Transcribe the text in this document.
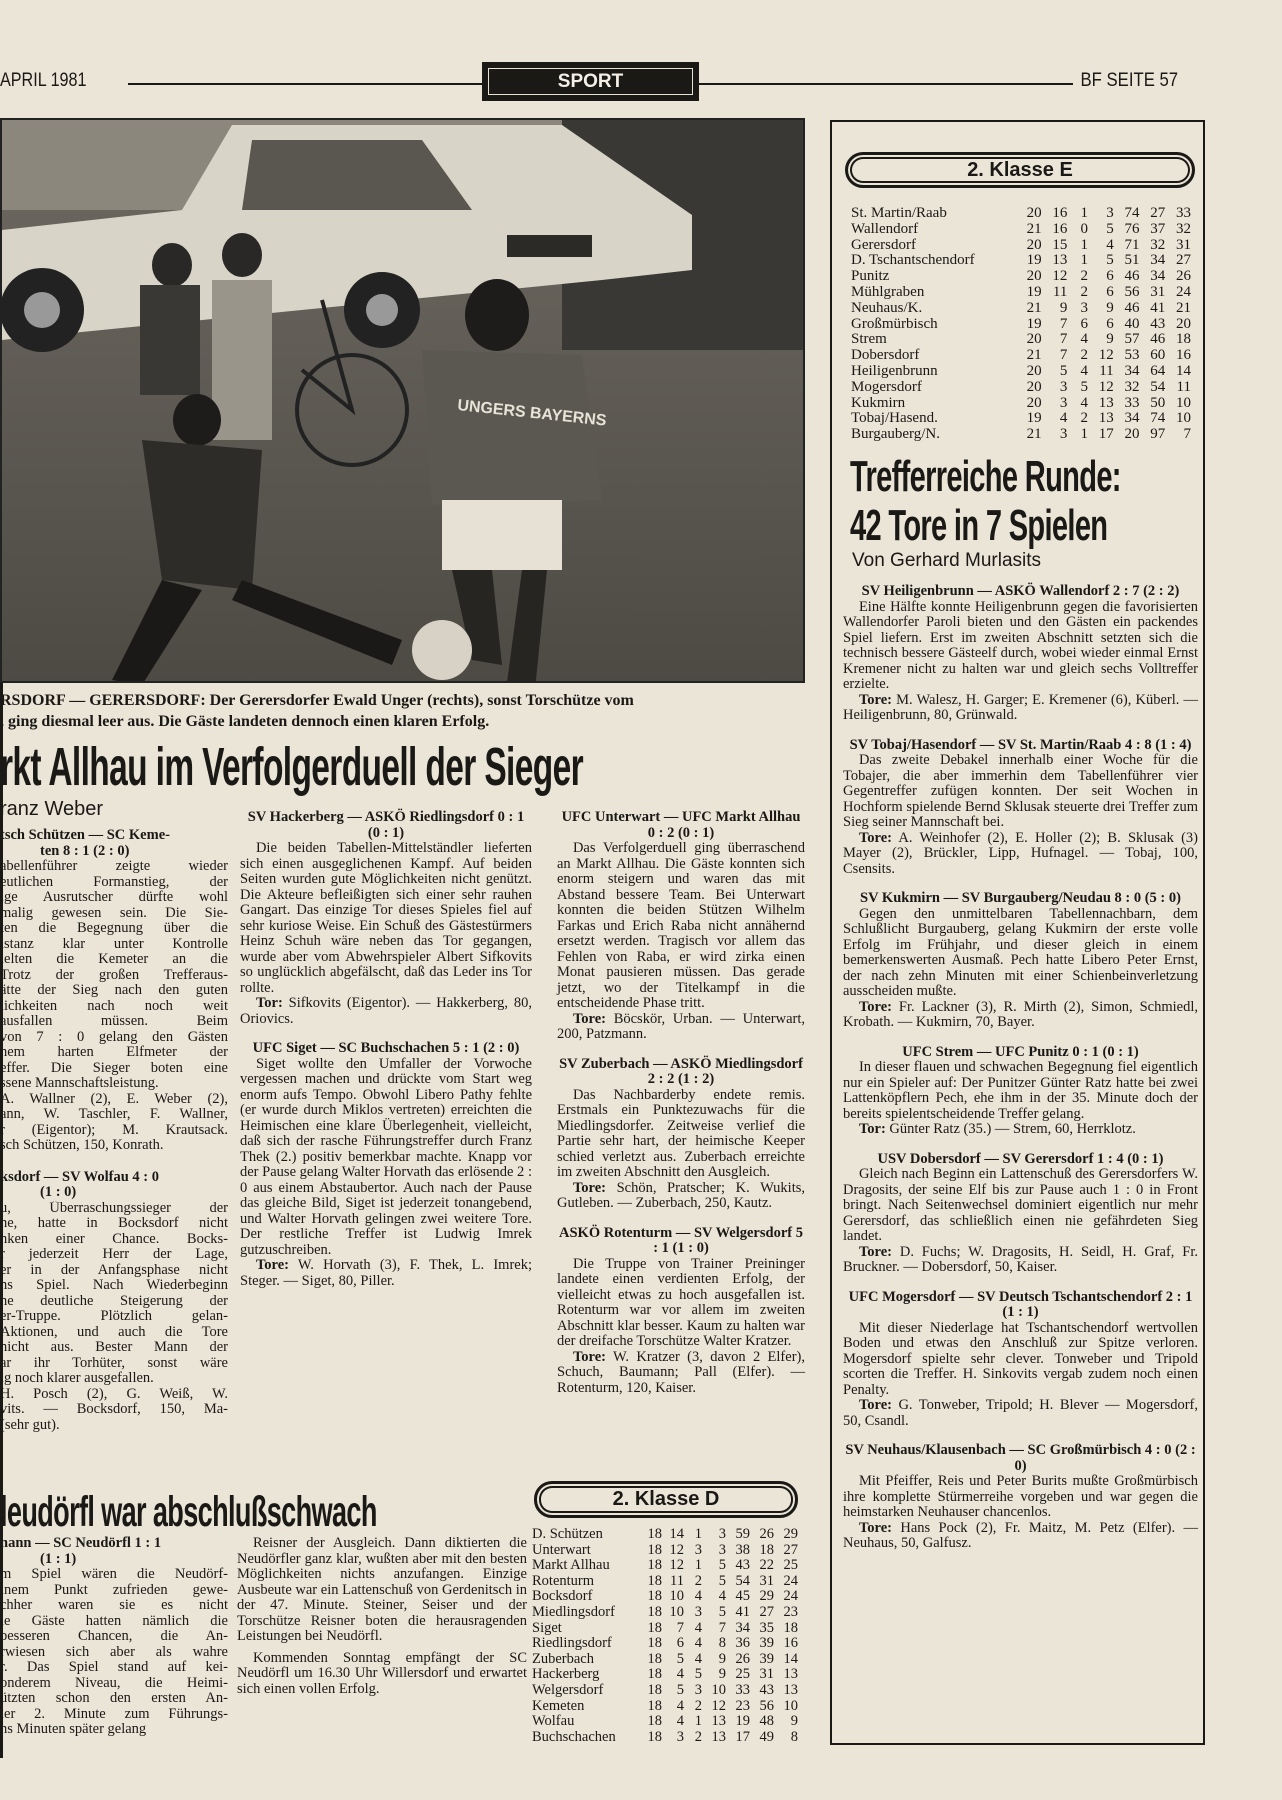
APRIL 1981	SPORT	BF SEITE 57
UNGERS BAYERNS
RSDORF — GERERSDORF: Der Gerersdorfer Ewald Unger (rechts), sonst Torschütze vom
, ging diesmal leer aus. Die Gäste landeten dennoch einen klaren Erfolg.
rkt Allhau im Verfolgerduell der Sieger
ranz Weber
tsch Schützen — SC Keme-
ten 8 : 1 (2 : 0)
abellenführer zeigte wieder
eutlichen Formanstieg, der
ige Ausrutscher dürfte wohl
malig gewesen sein. Die Sie-
ten die Begegnung über die
istanz klar unter Kontrolle
ielten die Kemeter an die
Trotz der großen Trefferaus-
ätte der Sieg nach den guten
lichkeiten nach noch weit
ausfallen müssen. Beim
von 7 : 0 gelang den Gästen
nem harten Elfmeter der
effer. Die Sieger boten eine
ssene Mannschaftsleistung.
A. Wallner (2), E. Weber (2),
ann, W. Taschler, F. Wallner,
r (Eigentor); M. Krautsack.
sch Schützen, 150, Konrath.
ksdorf — SV Wolfau 4 : 0
(1 : 0)
u, Überraschungssieger der
he, hatte in Bocksdorf nicht
nken einer Chance. Bocks-
r jederzeit Herr der Lage,
er in der Anfangsphase nicht
ns Spiel. Nach Wiederbeginn
ne deutliche Steigerung der
er-Truppe. Plötzlich gelan-
Aktionen, und auch die Tore
nicht aus. Bester Mann der
ar ihr Torhüter, sonst wäre
lg noch klarer ausgefallen.
H. Posch (2), G. Weiß, W.
vits. — Bocksdorf, 150, Ma-
(sehr gut).
SV Hackerberg — ASKÖ Riedlingsdorf 0 : 1 (0 : 1)

Die beiden Tabellen-Mittelständler lieferten sich einen ausgeglichenen Kampf. Auf beiden Seiten wurden gute Möglichkeiten nicht genützt. Die Akteure befleißigten sich einer sehr rauhen Gangart. Das einzige Tor dieses Spieles fiel auf sehr kuriose Weise. Ein Schuß des Gästestürmers Heinz Schuh wäre neben das Tor gegangen, wurde aber vom Abwehrspieler Albert Sifkovits so unglücklich abgefälscht, daß das Leder ins Tor rollte.

Tor: Sifkovits (Eigentor). — Hakkerberg, 80, Oriovics.

UFC Siget — SC Buchschachen 5 : 1 (2 : 0)

Siget wollte den Umfaller der Vorwoche vergessen machen und drückte vom Start weg enorm aufs Tempo. Obwohl Libero Pathy fehlte (er wurde durch Miklos vertreten) erreichten die Heimischen eine klare Überlegenheit, vielleicht, daß sich der rasche Führungstreffer durch Franz Thek (2.) positiv bemerkbar machte. Knapp vor der Pause gelang Walter Horvath das erlösende 2 : 0 aus einem Abstaubertor. Auch nach der Pause das gleiche Bild, Siget ist jederzeit tonangebend, und Walter Horvath gelingen zwei weitere Tore. Der restliche Treffer ist Ludwig Imrek gutzuschreiben.

Tore: W. Horvath (3), F. Thek, L. Imrek; Steger. — Siget, 80, Piller.

UFC Unterwart — UFC Markt Allhau 0 : 2 (0 : 1)

Das Verfolgerduell ging überraschend an Markt Allhau. Die Gäste konnten sich enorm steigern und waren das mit Abstand bessere Team. Bei Unterwart konnten die beiden Stützen Wilhelm Farkas und Erich Raba nicht annähernd ersetzt werden. Tragisch vor allem das Fehlen von Raba, er wird zirka einen Monat pausieren müssen. Das gerade jetzt, wo der Titelkampf in die entscheidende Phase tritt.

Tore: Böcskör, Urban. — Unterwart, 200, Patzmann.

SV Zuberbach — ASKÖ Miedlingsdorf 2 : 2 (1 : 2)

Das Nachbarderby endete remis. Erstmals ein Punktezuwachs für die Miedlingsdorfer. Zeitweise verlief die Partie sehr hart, der heimische Keeper schied verletzt aus. Zuberbach erreichte im zweiten Abschnitt den Ausgleich.

Tore: Schön, Pratscher; K. Wukits, Gutleben. — Zuberbach, 250, Kautz.

ASKÖ Rotenturm — SV Welgersdorf 5 : 1 (1 : 0)

Die Truppe von Trainer Preininger landete einen verdienten Erfolg, der vielleicht etwas zu hoch ausgefallen ist. Rotenturm war vor allem im zweiten Abschnitt klar besser. Kaum zu halten war der dreifache Torschütze Walter Kratzer.

Tore: W. Kratzer (3, davon 2 Elfer), Schuch, Baumann; Pall (Elfer). — Rotenturm, 120, Kaiser.

2. Klasse D
D. Schützen	18	14	1	3	59	26	29
Unterwart	18	12	3	3	38	18	27
Markt Allhau	18	12	1	5	43	22	25
Rotenturm	18	11	2	5	54	31	24
Bocksdorf	18	10	4	4	45	29	24
Miedlingsdorf	18	10	3	5	41	27	23
Siget	18	7	4	7	34	35	18
Riedlingsdorf	18	6	4	8	36	39	16
Zuberbach	18	5	4	9	26	39	14
Hackerberg	18	4	5	9	25	31	13
Welgersdorf	18	5	3	10	33	43	13
Kemeten	18	4	2	12	23	56	10
Wolfau	18	4	1	13	19	48	9
Buchschachen	18	3	2	13	17	49	8
leudörfl war abschlußschwach
nann — SC Neudörfl 1 : 1
(1 : 1)
m Spiel wären die Neudörf-
inem Punkt zufrieden gewe-
chher waren sie es nicht
ie Gäste hatten nämlich die
besseren Chancen, die An-
rwiesen sich aber als wahre
r. Das Spiel stand auf kei-
onderem Niveau, die Heimi-
ützten schon den ersten An-
ler 2. Minute zum Führungs-
hs Minuten später gelang

Reisner der Ausgleich. Dann diktierten die Neudörfler ganz klar, wußten aber mit den besten Möglichkeiten nichts anzufangen. Einzige Ausbeute war ein Lattenschuß von Gerdenitsch in der 47. Minute. Steiner, Seiser und der Torschütze Reisner boten die herausragenden Leistungen bei Neudörfl.

Kommenden Sonntag empfängt der SC Neudörfl um 16.30 Uhr Willersdorf und erwartet sich einen vollen Erfolg.

2. Klasse E
St. Martin/Raab	20	16	1	3	74	27	33
Wallendorf	21	16	0	5	76	37	32
Gerersdorf	20	15	1	4	71	32	31
D. Tschantschendorf	19	13	1	5	51	34	27
Punitz	20	12	2	6	46	34	26
Mühlgraben	19	11	2	6	56	31	24
Neuhaus/K.	21	9	3	9	46	41	21
Großmürbisch	19	7	6	6	40	43	20
Strem	20	7	4	9	57	46	18
Dobersdorf	21	7	2	12	53	60	16
Heiligenbrunn	20	5	4	11	34	64	14
Mogersdorf	20	3	5	12	32	54	11
Kukmirn	20	3	4	13	33	50	10
Tobaj/Hasend.	19	4	2	13	34	74	10
Burgauberg/N.	21	3	1	17	20	97	7
Trefferreiche Runde:
42 Tore in 7 Spielen
Von Gerhard Murlasits
SV Heiligenbrunn — ASKÖ Wallendorf 2 : 7 (2 : 2)

Eine Hälfte konnte Heiligenbrunn gegen die favorisierten Wallendorfer Paroli bieten und den Gästen ein packendes Spiel liefern. Erst im zweiten Abschnitt setzten sich die technisch bessere Gästeelf durch, wobei wieder einmal Ernst Kremener nicht zu halten war und gleich sechs Volltreffer erzielte.

Tore: M. Walesz, H. Garger; E. Kremener (6), Küberl. — Heiligenbrunn, 80, Grünwald.

SV Tobaj/Hasendorf — SV St. Martin/Raab 4 : 8 (1 : 4)

Das zweite Debakel innerhalb einer Woche für die Tobajer, die aber immerhin dem Tabellenführer vier Gegentreffer zufügen konnten. Der seit Wochen in Hochform spielende Bernd Sklusak steuerte drei Treffer zum Sieg seiner Mannschaft bei.

Tore: A. Weinhofer (2), E. Holler (2); B. Sklusak (3) Mayer (2), Brückler, Lipp, Hufnagel. — Tobaj, 100, Csensits.

SV Kukmirn — SV Burgauberg/Neudau 8 : 0 (5 : 0)

Gegen den unmittelbaren Tabellennachbarn, dem Schlußlicht Burgauberg, gelang Kukmirn der erste volle Erfolg im Frühjahr, und dieser gleich in einem bemerkenswerten Ausmaß. Pech hatte Libero Peter Ernst, der nach zehn Minuten mit einer Schienbeinverletzung ausscheiden mußte.

Tore: Fr. Lackner (3), R. Mirth (2), Simon, Schmiedl, Krobath. — Kukmirn, 70, Bayer.

UFC Strem — UFC Punitz 0 : 1 (0 : 1)

In dieser flauen und schwachen Begegnung fiel eigentlich nur ein Spieler auf: Der Punitzer Günter Ratz hatte bei zwei Lattenköpflern Pech, ehe ihm in der 35. Minute doch der bereits spielentscheidende Treffer gelang.

Tor: Günter Ratz (35.) — Strem, 60, Herrklotz.

USV Dobersdorf — SV Gerersdorf 1 : 4 (0 : 1)

Gleich nach Beginn ein Lattenschuß des Gerersdorfers W. Dragosits, der seine Elf bis zur Pause auch 1 : 0 in Front bringt. Nach Seitenwechsel dominiert eigentlich nur mehr Gerersdorf, das schließlich einen nie gefährdeten Sieg landet.

Tore: D. Fuchs; W. Dragosits, H. Seidl, H. Graf, Fr. Bruckner. — Dobersdorf, 50, Kaiser.

UFC Mogersdorf — SV Deutsch Tschantschendorf 2 : 1 (1 : 1)

Mit dieser Niederlage hat Tschantschendorf wertvollen Boden und etwas den Anschluß zur Spitze verloren. Mogersdorf spielte sehr clever. Tonweber und Tripold scorten die Treffer. H. Sinkovits vergab zudem noch einen Penalty.

Tore: G. Tonweber, Tripold; H. Blever — Mogersdorf, 50, Csandl.

SV Neuhaus/Klausenbach — SC Großmürbisch 4 : 0 (2 : 0)

Mit Pfeiffer, Reis und Peter Burits mußte Großmürbisch ihre komplette Stürmerreihe vorgeben und war gegen die heimstarken Neuhauser chancenlos.

Tore: Hans Pock (2), Fr. Maitz, M. Petz (Elfer). — Neuhaus, 50, Galfusz.
